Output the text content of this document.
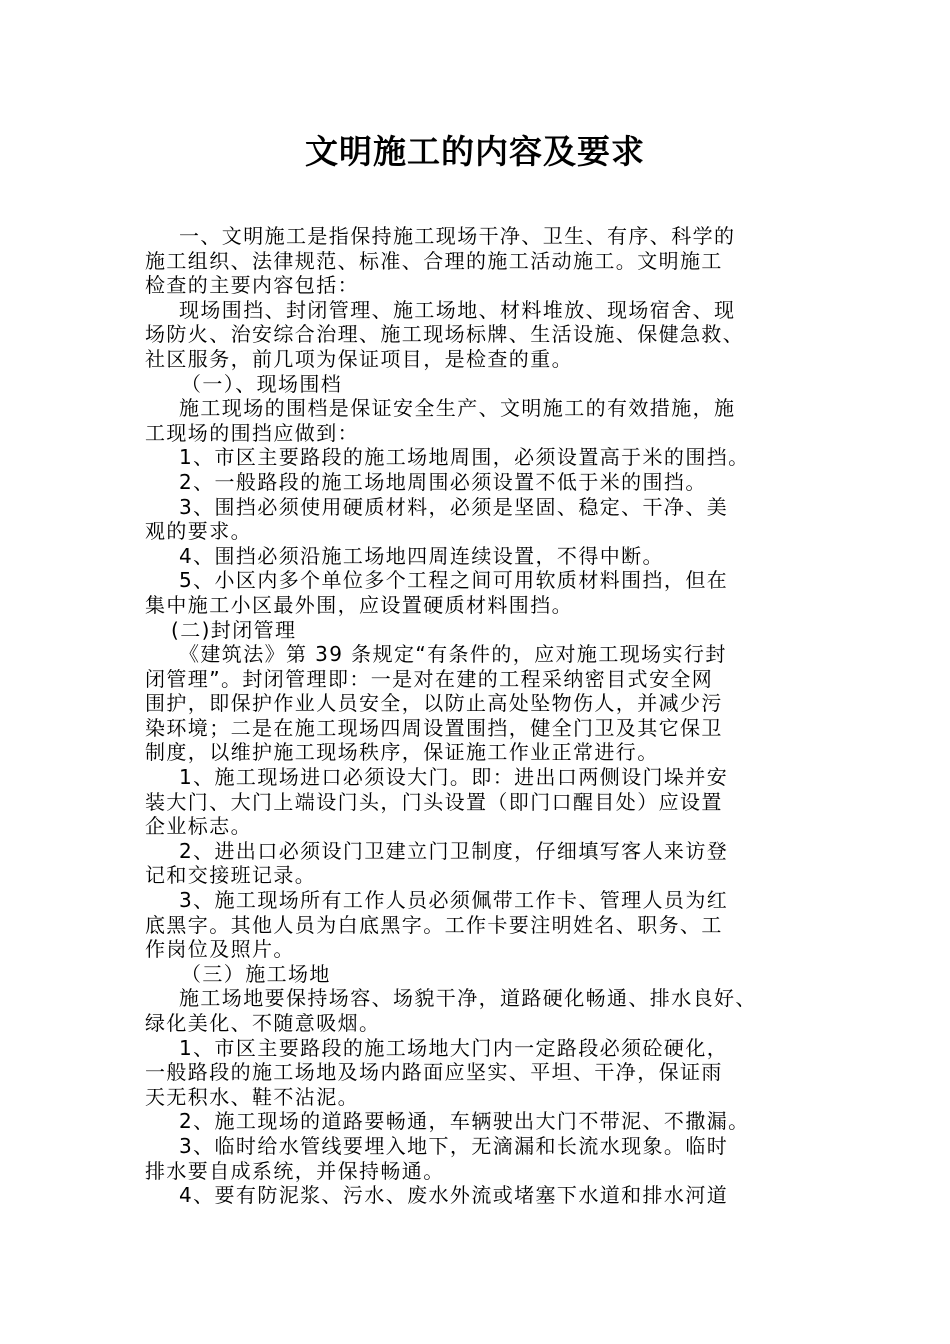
文明施工的内容及要求
一、文明施工是指保持施工现场干净、卫生、有序、科学的
施工组织、法律规范、标准、合理的施工活动施工。文明施工
检查的主要内容包括：
现场围挡、封闭管理、施工场地、材料堆放、现场宿舍、现
场防火、治安综合治理、施工现场标牌、生活设施、保健急救、
社区服务，前几项为保证项目，是检查的重。
（一）、现场围档
施工现场的围档是保证安全生产、文明施工的有效措施，施
工现场的围挡应做到：
1、市区主要路段的施工场地周围，必须设置高于米的围挡。
2、一般路段的施工场地周围必须设置不低于米的围挡。
3、围挡必须使用硬质材料，必须是坚固、稳定、干净、美
观的要求。
4、围挡必须沿施工场地四周连续设置，不得中断。
5、小区内多个单位多个工程之间可用软质材料围挡，但在
集中施工小区最外围，应设置硬质材料围挡。
(二)封闭管理
《建筑法》第 39 条规定“有条件的，应对施工现场实行封
闭管理”。封闭管理即：一是对在建的工程采纳密目式安全网
围护，即保护作业人员安全，以防止高处坠物伤人，并减少污
染环境；二是在施工现场四周设置围挡，健全门卫及其它保卫
制度，以维护施工现场秩序，保证施工作业正常进行。
1、施工现场进口必须设大门。即：进出口两侧设门垛并安
装大门、大门上端设门头，门头设置（即门口醒目处）应设置
企业标志。
2、进出口必须设门卫建立门卫制度，仔细填写客人来访登
记和交接班记录。
3、施工现场所有工作人员必须佩带工作卡、管理人员为红
底黑字。其他人员为白底黑字。工作卡要注明姓名、职务、工
作岗位及照片。
（三）施工场地
施工场地要保持场容、场貌干净，道路硬化畅通、排水良好、
绿化美化、不随意吸烟。
1、市区主要路段的施工场地大门内一定路段必须砼硬化，
一般路段的施工场地及场内路面应坚实、平坦、干净，保证雨
天无积水、鞋不沾泥。
2、施工现场的道路要畅通，车辆驶出大门不带泥、不撒漏。
3、临时给水管线要埋入地下，无滴漏和长流水现象。临时
排水要自成系统，并保持畅通。
4、要有防泥浆、污水、废水外流或堵塞下水道和排水河道
